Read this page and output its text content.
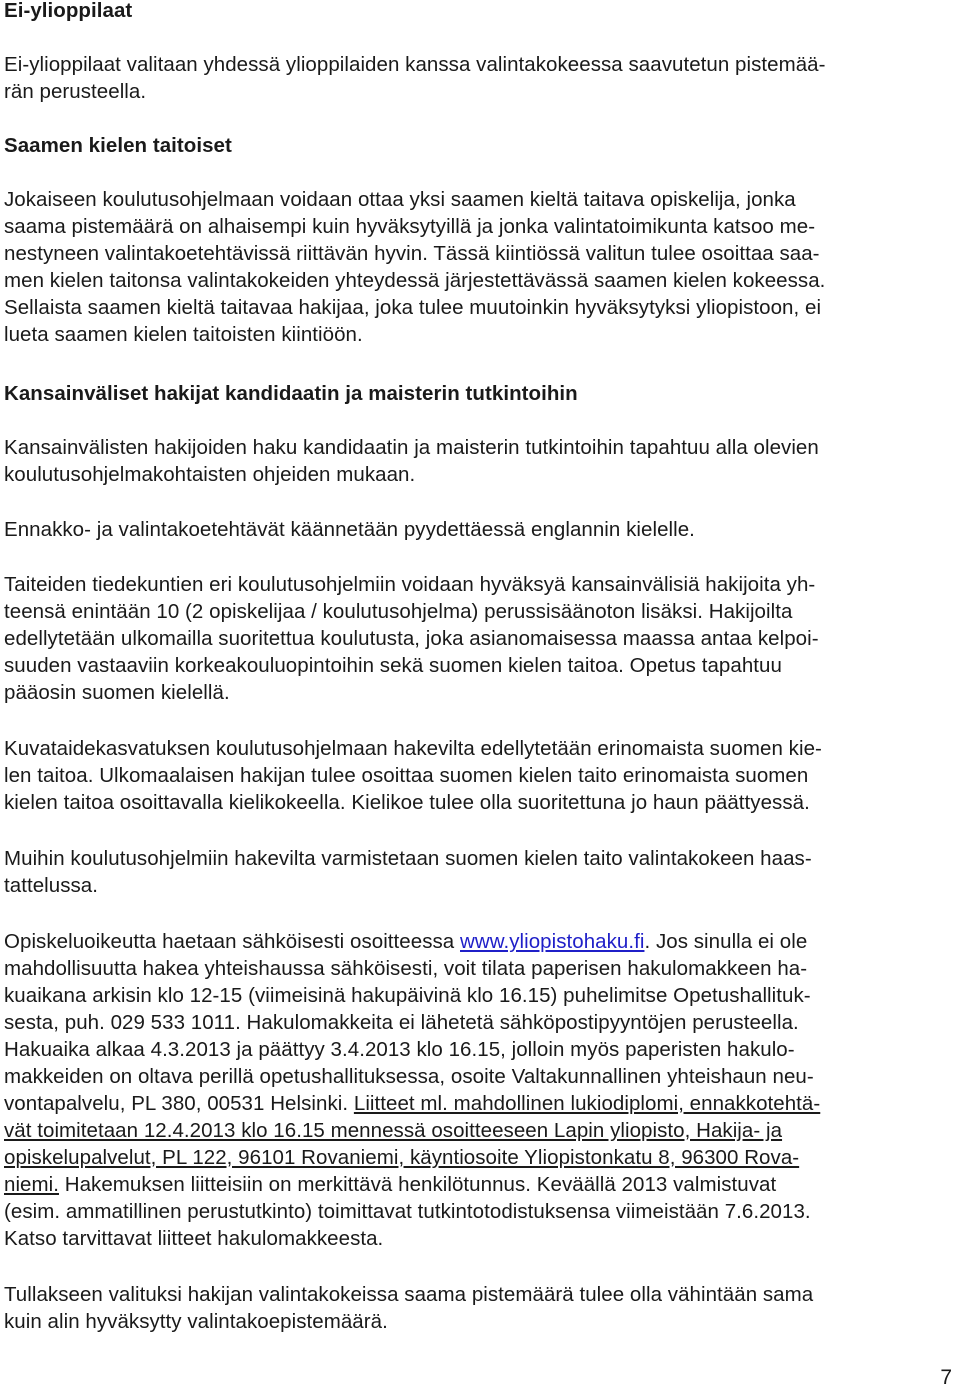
Ei-ylioppilaat

Ei-ylioppilaat valitaan yhdessä ylioppilaiden kanssa valintakokeessa saavutetun pistemää-

rän perusteella.

Saamen kielen taitoiset

Jokaiseen koulutusohjelmaan voidaan ottaa yksi saamen kieltä taitava opiskelija, jonka

saama pistemäärä on alhaisempi kuin hyväksytyillä ja jonka valintatoimikunta katsoo me-

nestyneen valintakoetehtävissä riittävän hyvin. Tässä kiintiössä valitun tulee osoittaa saa-

men kielen taitonsa valintakokeiden yhteydessä järjestettävässä saamen kielen kokeessa.

Sellaista saamen kieltä taitavaa hakijaa, joka tulee muutoinkin hyväksytyksi yliopistoon, ei

lueta saamen kielen taitoisten kiintiöön.

Kansainväliset hakijat kandidaatin ja maisterin tutkintoihin

Kansainvälisten hakijoiden haku kandidaatin ja maisterin tutkintoihin tapahtuu alla olevien

koulutusohjelmakohtaisten ohjeiden mukaan.

Ennakko- ja valintakoetehtävät käännetään pyydettäessä englannin kielelle.

Taiteiden tiedekuntien eri koulutusohjelmiin voidaan hyväksyä kansainvälisiä hakijoita yh-

teensä enintään 10 (2 opiskelijaa / koulutusohjelma) perussisäänoton lisäksi. Hakijoilta

edellytetään ulkomailla suoritettua koulutusta, joka asianomaisessa maassa antaa kelpoi-

suuden vastaaviin korkeakouluopintoihin sekä suomen kielen taitoa. Opetus tapahtuu

pääosin suomen kielellä.

Kuvataidekasvatuksen koulutusohjelmaan hakevilta edellytetään erinomaista suomen kie-

len taitoa. Ulkomaalaisen hakijan tulee osoittaa suomen kielen taito erinomaista suomen

kielen taitoa osoittavalla kielikokeella. Kielikoe tulee olla suoritettuna jo haun päättyessä.

Muihin koulutusohjelmiin hakevilta varmistetaan suomen kielen taito valintakokeen haas-

tattelussa.

Opiskeluoikeutta haetaan sähköisesti osoitteessa www.yliopistohaku.fi. Jos sinulla ei ole

mahdollisuutta hakea yhteishaussa sähköisesti, voit tilata paperisen hakulomakkeen ha-

kuaikana arkisin klo 12-15 (viimeisinä hakupäivinä klo 16.15) puhelimitse Opetushallituk-

sesta, puh. 029 533 1011. Hakulomakkeita ei lähetetä sähköpostipyyntöjen perusteella.

Hakuaika alkaa 4.3.2013 ja päättyy 3.4.2013 klo 16.15, jolloin myös paperisten hakulo-

makkeiden on oltava perillä opetushallituksessa, osoite Valtakunnallinen yhteishaun neu-

vontapalvelu, PL 380, 00531 Helsinki. Liitteet ml. mahdollinen lukiodiplomi, ennakkotehtä-

vät toimitetaan 12.4.2013 klo 16.15 mennessä osoitteeseen Lapin yliopisto, Hakija- ja

opiskelupalvelut, PL 122, 96101 Rovaniemi, käyntiosoite Yliopistonkatu 8, 96300 Rova-

niemi. Hakemuksen liitteisiin on merkittävä henkilötunnus. Keväällä 2013 valmistuvat

(esim. ammatillinen perustutkinto) toimittavat tutkintotodistuksensa viimeistään 7.6.2013.

Katso tarvittavat liitteet hakulomakkeesta.

Tullakseen valituksi hakijan valintakokeissa saama pistemäärä tulee olla vähintään sama

kuin alin hyväksytty valintakoepistemäärä.

7
